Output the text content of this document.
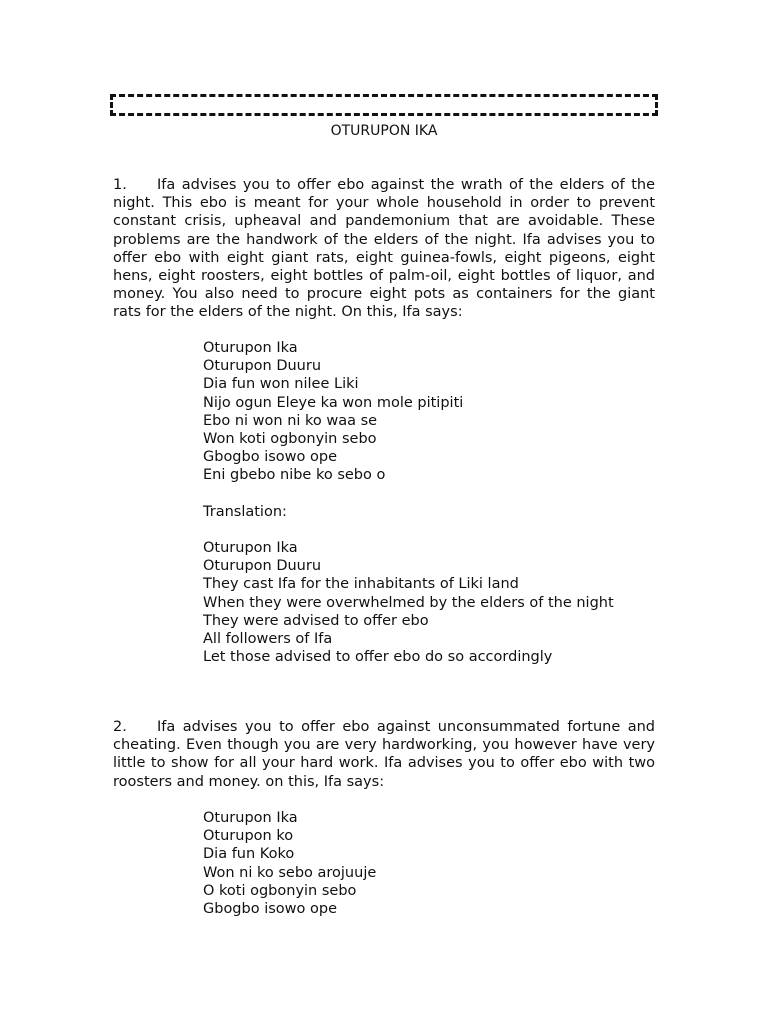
OTURUPON IKA
1. Ifa advises you to offer ebo against the wrath of the elders of the night. This ebo is meant for your whole household in order to prevent constant crisis, upheaval and pandemonium that are avoidable. These problems are the handwork of the elders of the night. Ifa advises you to offer ebo with eight giant rats, eight guinea-fowls, eight pigeons, eight hens, eight roosters, eight bottles of palm-oil, eight bottles of liquor, and money. You also need to procure eight pots as containers for the giant rats for the elders of the night. On this, Ifa says:
Oturupon Ika
Oturupon Duuru
Dia fun won nilee Liki
Nijo ogun Eleye ka won mole pitipiti
Ebo ni won ni ko waa se
Won koti ogbonyin sebo
Gbogbo isowo ope
Eni gbebo nibe ko sebo o
Translation:
Oturupon Ika
Oturupon Duuru
They cast Ifa for the inhabitants of Liki land
When they were overwhelmed by the elders of the night
They were advised to offer ebo
All followers of Ifa
Let those advised to offer ebo do so accordingly
2. Ifa advises you to offer ebo against unconsummated fortune and cheating. Even though you are very hardworking, you however have very little to show for all your hard work. Ifa advises you to offer ebo with two roosters and money. on this, Ifa says:
Oturupon Ika
Oturupon ko
Dia fun Koko
Won ni ko sebo arojuuje
O koti ogbonyin sebo
Gbogbo isowo ope
